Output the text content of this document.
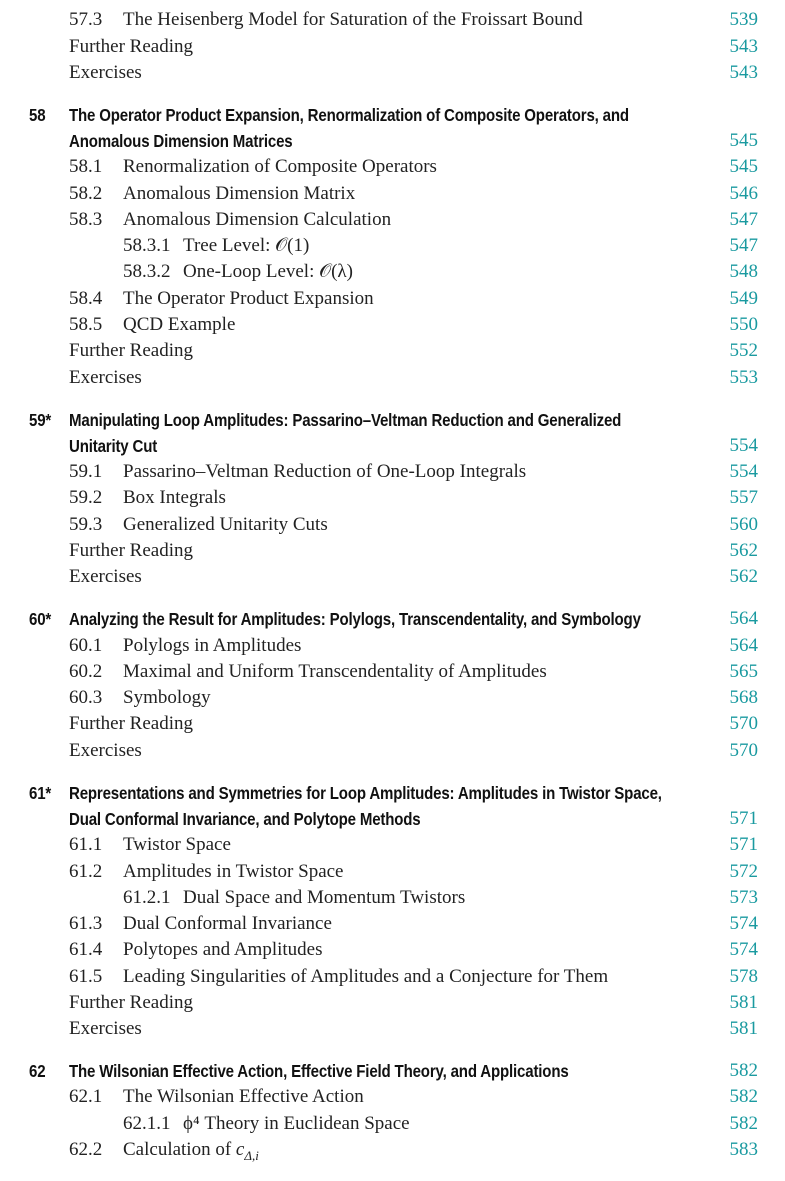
57.3 The Heisenberg Model for Saturation of the Froissart Bound	539
Further Reading	543
Exercises	543
58 The Operator Product Expansion, Renormalization of Composite Operators, and
Anomalous Dimension Matrices	545
58.1 Renormalization of Composite Operators	545
58.2 Anomalous Dimension Matrix	546
58.3 Anomalous Dimension Calculation	547
58.3.1 Tree Level: 𝒪(1)	547
58.3.2 One-Loop Level: 𝒪(λ)	548
58.4 The Operator Product Expansion	549
58.5 QCD Example	550
Further Reading	552
Exercises	553
59* Manipulating Loop Amplitudes: Passarino–Veltman Reduction and Generalized
Unitarity Cut	554
59.1 Passarino–Veltman Reduction of One-Loop Integrals	554
59.2 Box Integrals	557
59.3 Generalized Unitarity Cuts	560
Further Reading	562
Exercises	562
60* Analyzing the Result for Amplitudes: Polylogs, Transcendentality, and Symbology	564
60.1 Polylogs in Amplitudes	564
60.2 Maximal and Uniform Transcendentality of Amplitudes	565
60.3 Symbology	568
Further Reading	570
Exercises	570
61* Representations and Symmetries for Loop Amplitudes: Amplitudes in Twistor Space,
Dual Conformal Invariance, and Polytope Methods	571
61.1 Twistor Space	571
61.2 Amplitudes in Twistor Space	572
61.2.1 Dual Space and Momentum Twistors	573
61.3 Dual Conformal Invariance	574
61.4 Polytopes and Amplitudes	574
61.5 Leading Singularities of Amplitudes and a Conjecture for Them	578
Further Reading	581
Exercises	581
62 The Wilsonian Effective Action, Effective Field Theory, and Applications	582
62.1 The Wilsonian Effective Action	582
62.1.1 ϕ⁴ Theory in Euclidean Space	582
62.2 Calculation of $c_{\Delta,i}$	583
